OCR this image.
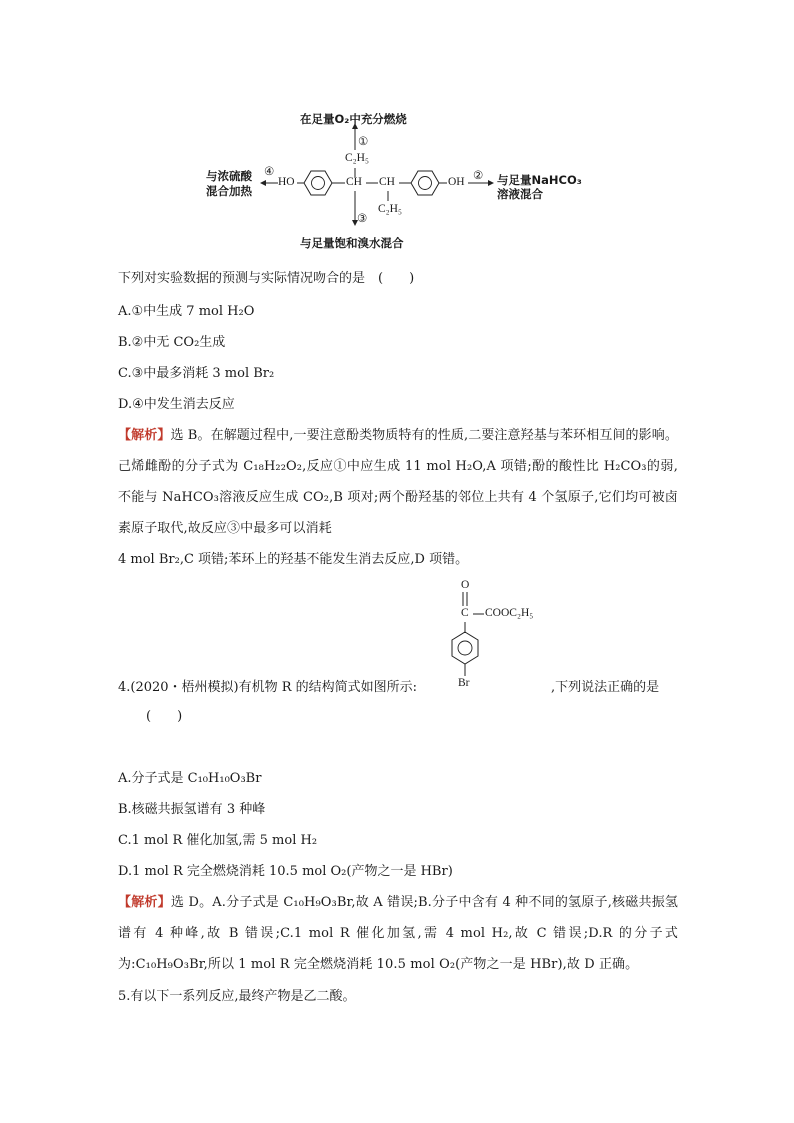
在足量O₂中充分燃烧
①
C₂H₅
④
与浓硫酸
混合加热
HO	CH CH	OH ② 与足量NaHCO₃
溶液混合
C₂H₅
③
与足量饱和溴水混合
下列对实验数据的预测与实际情况吻合的是　(　　)
A.①中生成 7 mol H₂O
B.②中无 CO₂生成
C.③中最多消耗 3 mol Br₂
D.④中发生消去反应
【解析】选 B。在解题过程中,一要注意酚类物质特有的性质,二要注意羟基与苯环相互间的影响。己烯雌酚的分子式为 C₁₈H₂₂O₂,反应①中应生成 11 mol H₂O,A 项错;酚的酸性比 H₂CO₃的弱,不能与 NaHCO₃溶液反应生成 CO₂,B 项对;两个酚羟基的邻位上共有 4 个氢原子,它们均可被卤素原子取代,故反应③中最多可以消耗
4 mol Br₂,C 项错;苯环上的羟基不能发生消去反应,D 项错。
O
C COOC₂H₅
Br
4.(2020・梧州模拟)有机物 R 的结构简式如图所示:	,下列说法正确的是
(　　)
A.分子式是 C₁₀H₁₀O₃Br
B.核磁共振氢谱有 3 种峰
C.1 mol R 催化加氢,需 5 mol H₂
D.1 mol R 完全燃烧消耗 10.5 mol O₂(产物之一是 HBr)
【解析】选 D。A.分子式是 C₁₀H₉O₃Br,故 A 错误;B.分子中含有 4 种不同的氢原子,核磁共振氢谱有 4 种峰,故 B 错误;C.1 mol R 催化加氢,需 4 mol H₂,故 C 错误;D.R 的分子式为:C₁₀H₉O₃Br,所以 1 mol R 完全燃烧消耗 10.5 mol O₂(产物之一是 HBr),故 D 正确。
5.有以下一系列反应,最终产物是乙二酸。
